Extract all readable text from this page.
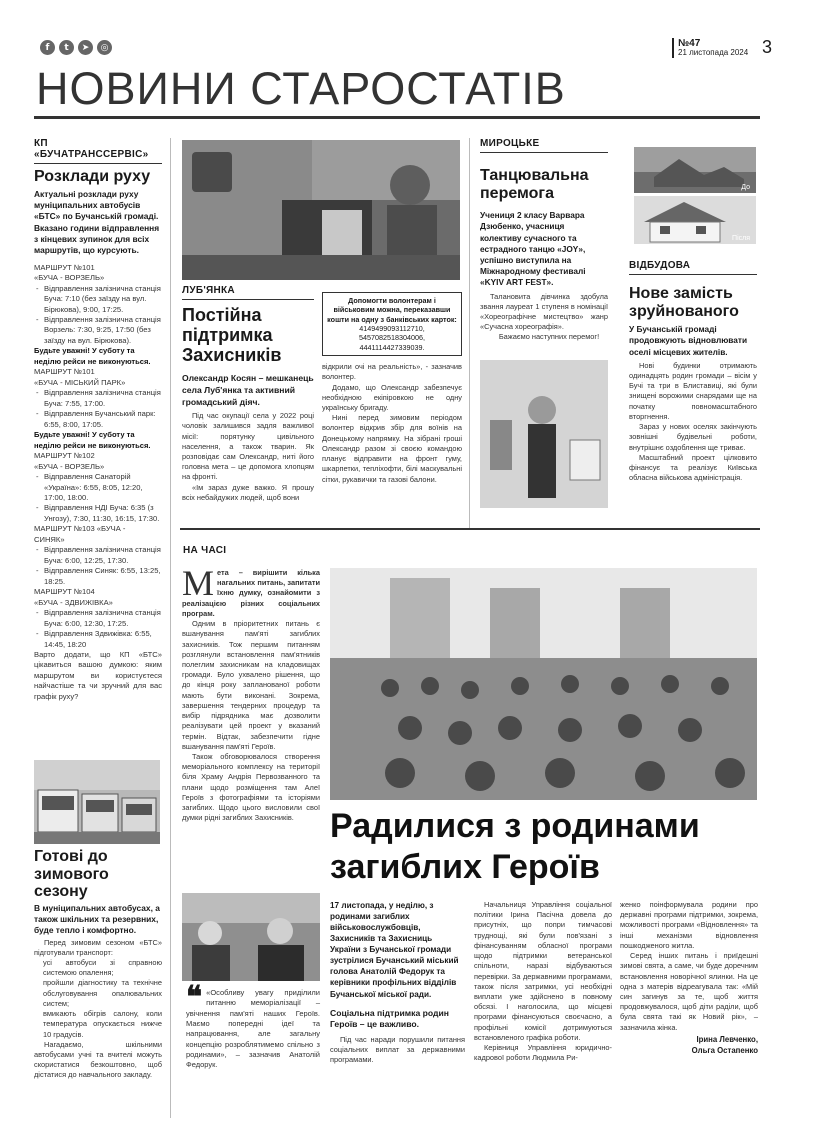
f	t	➤	◎	№47
21 листопада 2024 3
НОВИНИ СТАРОСТАТІВ
КП «БУЧАТРАНССЕРВІС»
Розклади руху
Актуальні розклади руху муніципальних автобусів «БТС» по Бучанській громаді. Вказано години відправлення з кінцевих зупинок для всіх маршрутів, що курсують.
МАРШРУТ №101
«БУЧА - ВОРЗЕЛЬ»
- Відправлення залізнична станція Буча: 7:10 (без заїзду на вул. Бірюкова), 9:00, 17:25.
- Відправлення залізнична станція Ворзель: 7:30, 9:25, 17:50 (без заїзду на вул. Бірюкова).
Будьте уважні! У суботу та неділю рейси не виконуються.
МАРШРУТ №101
«БУЧА - МІСЬКИЙ ПАРК»
- Відправлення залізнична станція Буча: 7:55, 17:00.
- Відправлення Бучанський парк: 6:55, 8:00, 17:05.
Будьте уважні! У суботу та неділю рейси не виконуються.
МАРШРУТ №102
«БУЧА - ВОРЗЕЛЬ»
- Відправлення Санаторій «Україна»: 6:55, 8:05, 12:20, 17:00, 18:00.
- Відправлення НДІ Буча: 6:35 (з Унгозу), 7:30, 11:30, 16:15, 17:30.
МАРШРУТ №103 «БУЧА -
СИНЯК»
- Відправлення залізнична станція Буча: 6:00, 12:25, 17:30.
- Відправлення Синяк: 6:55, 13:25, 18:25.
МАРШРУТ №104
«БУЧА - ЗДВИЖІВКА»
- Відправлення залізнична станція Буча: 6:00, 12:30, 17:25.
- Відправлення Здвижівка: 6:55, 14:45, 18:20
Варто додати, що КП «БТС» цікавиться вашою думкою: яким маршрутом ви користуєтеся найчастіше та чи зручний для вас графік руху?
Готові до зимового сезону
В муніципальних автобусах, а також шкільних та резервних, буде тепло і комфортно.

Перед зимовим сезоном «БТС» підготували транспорт:

усі автобуси зі справною системою опалення;
пройшли діагностику та технічне обслуговування опалювальних систем;
вмикають обігрів салону, коли температура опускається нижче 10 градусів.

Нагадаємо, шкільними автобусами учні та вчителі можуть скористатися безкоштовно, щоб дістатися до навчального закладу.

ЛУБ'ЯНКА
Постійна підтримка Захисників
Олександр Косян – мешканець села Луб'янка та активний громадський діяч.

Під час окупації села у 2022 році чоловік залишився задля важливої місії: порятунку цивільного населення, а також тварин. Як розповідає сам Олександр, ниті його головна мета – це допомога хлопцям на фронті.

«Ім зараз дуже важко. Я прошу всіх небайдужих людей, щоб вони

Допомогти волонтерам і військовим можна, переказавши кошти на одну з банківських карток:
4149499093112710, 5457082518304006, 4441114427339039.

відкрили очі на реальність», - зазначив волонтер.

Додамо, що Олександр забезпечує необхідною екіпіровкою не одну українську бригаду.

Нині перед зимовим періодом волонтер відкрив збір для воїнів на Донецькому напрямку. На зібрані гроші Олександр разом зі своєю командою планує відправити на фронт гуму, шкарпетки, тепліхофти, білі маскувальні сітки, рукавички та газові балони.

МИРОЦЬКЕ
Танцювальна перемога
Учениця 2 класу Варвара Дзюбенко, учасниця колективу сучасного та естрадного танцю «JOY», успішно виступила на Міжнародному фестивалі «KYIV ART FEST».

Талановита дівчинка здобула звання лауреат 1 ступеня в номінації «Хореографічне мистецтво» жанр «Сучасна хореографія».

Бажаємо наступних перемог!

До
Після
ВІДБУДОВА
Нове замість зруйнованого
У Бучанській громаді продовжують відновлювати оселі місцевих жителів.

Нові будинки отримають одинадцять родин громади – вісім у Бучі та три в Блиставиці, які були знищені ворожими снарядами ще на початку повномасштабного вторгнення.

Зараз у нових оселях закінчують зовнішні будівельні роботи, внутрішнє оздоблення ще триває.

Масштабний проект цілковито фінансує та реалізує Київська обласна військова адміністрація.

НА ЧАСІ

Мета – вирішити кілька нагальних питань, запитати їхню думку, ознайомити з реалізацією різних соціальних програм.

Одним в пріоритетних питань є вшанування пам'яті загиблих захисників. Тож першим питанням розглянули встановлення пам'ятників полеглим захисникам на кладовищах громади. Було ухвалено рішення, що до кінця року запланованої роботи мають бути виконані. Зокрема, завершення тендерних процедур та вибір підрядника має дозволити реалізувати цей проект у вказаний термін. Відтак, забезпечити гідне вшанування пам'яті Героїв.

Також обговорювалося створення меморіального комплексу на території біля Храму Андрія Первозванного та плани щодо розміщення там Алеї Героїв з фотографіями та історіями загиблих. Щодо цього висловили свої думки рідні загиблих Захисників.

❝ «Особливу увагу приділили питанню меморіалізації – увічнення пам'яті наших Героїв. Маємо попередні ідеї та напрацювання, але загальну концепцію розроблятимемо спільно з родинами», – зазначив Анатолій Федорук.
Радилися з родинами загиблих Героїв
17 листопада, у неділю, з родинами загиблих військовослужбовців, Захисників та Захисниць України з Бучанської громади зустрілися Бучанський міський голова Анатолій Федорук та керівники профільних відділів Бучанської міської ради.
Соціальна підтримка родин Героїв – це важливо.

Під час наради порушили питання соціальних виплат за державними програмами.

Начальниця Управління соціальної політики Ірина Пасічна довела до присутніх, що попри тимчасові труднощі, які були пов'язані з фінансуванням обласної програми щодо підтримки ветеранської спільноти, наразі відбуваються перевірки. За державними програмами, також після затримки, усі необхідні виплати уже здійснено в повному обсязі. І наголосила, що місцеві програми фінансуються своєчасно, а профільні комісії дотримуються встановленого графіка роботи.

Керівниця Управління юридично-кадрової роботи Людмила Ри-

женко поінформувала родини про державні програми підтримки, зокрема, можливості програми «Відновлення» та інші механізми відновлення пошкодженого житла.

Серед інших питань і приїдешні зимові свята, а саме, чи буде доречним встановлення новорічної ялинки. На це одна з матерів відреагувала так: «Мій син загинув за те, щоб життя продовжувалося, щоб діти раділи, щоб була свята такі як Новий рік», – зазначила жінка.

Ірина Левченко,
Ольга Остапенко
